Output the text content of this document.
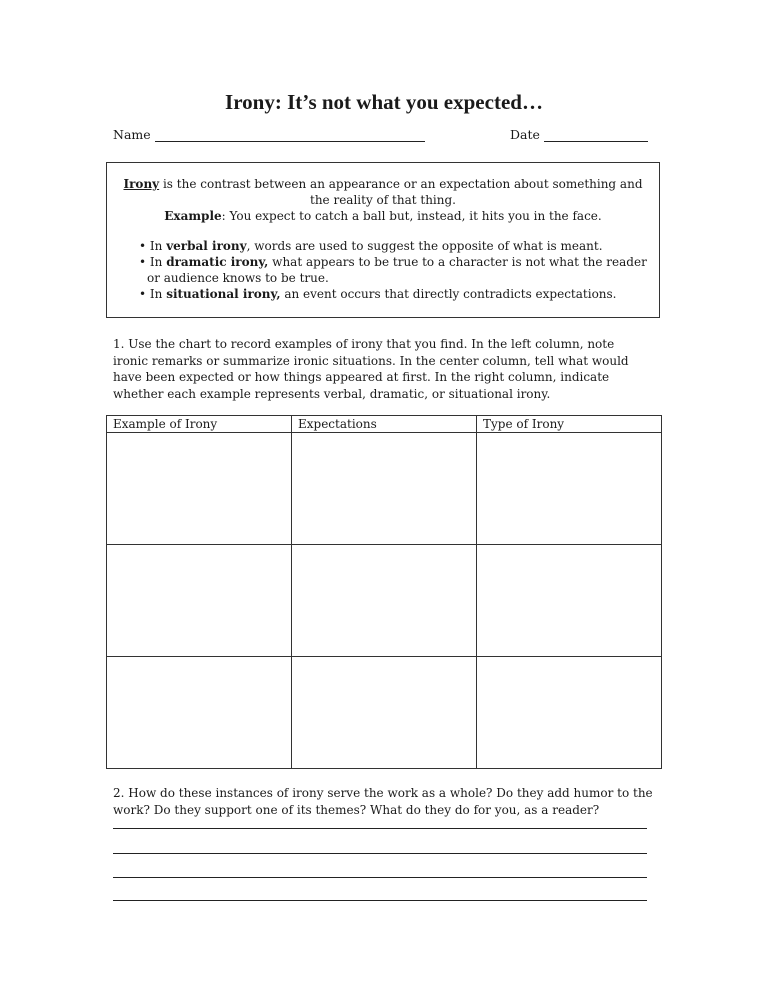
Irony: It’s not what you expected…
Name	Date
Irony is the contrast between an appearance or an expectation about something and the reality of that thing.
Example: You expect to catch a ball but, instead, it hits you in the face.
• In verbal irony, words are used to suggest the opposite of what is meant.
• In dramatic irony, what appears to be true to a character is not what the reader or audience knows to be true.
• In situational irony, an event occurs that directly contradicts expectations.
1. Use the chart to record examples of irony that you find. In the left column, note ironic remarks or summarize ironic situations. In the center column, tell what would have been expected or how things appeared at first. In the right column, indicate whether each example represents verbal, dramatic, or situational irony.
Example of Irony	Expectations	Type of Irony

2. How do these instances of irony serve the work as a whole? Do they add humor to the work? Do they support one of its themes? What do they do for you, as a reader?
